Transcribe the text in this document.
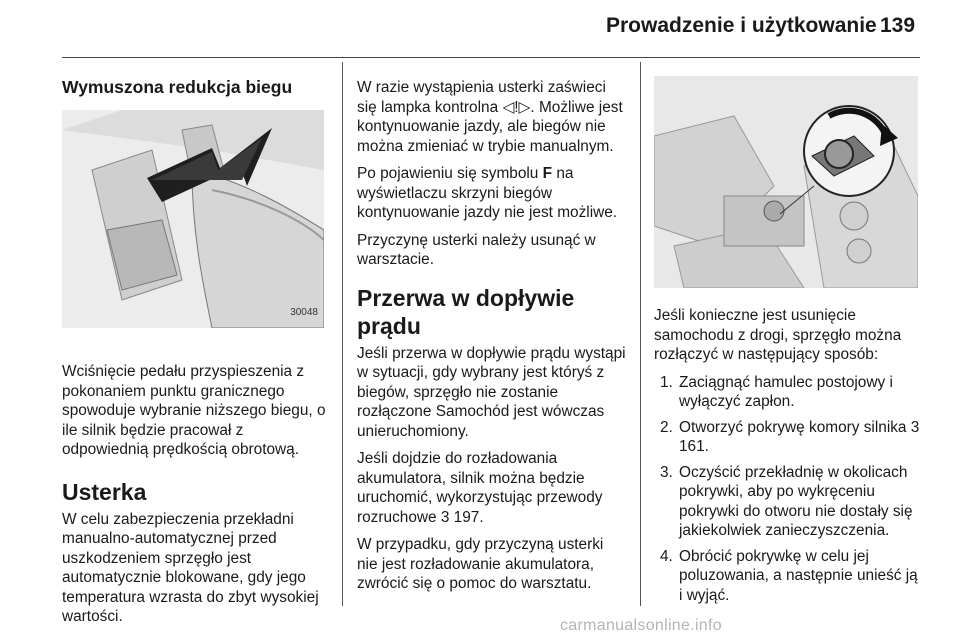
Prowadzenie i użytkowanie 139
Wymuszona redukcja biegu
30048

Wciśnięcie pedału przyspieszenia z pokonaniem punktu granicznego spowoduje wybranie niższego biegu, o ile silnik będzie pracował z odpowiednią prędkością obrotową.

Usterka

W celu zabezpieczenia przekładni manualno-automatycznej przed uszkodzeniem sprzęgło jest automatycznie blokowane, gdy jego temperatura wzrasta do zbyt wysokiej wartości.

W razie wystąpienia usterki zaświeci się lampka kontrolna ◁!▷. Możliwe jest kontynuowanie jazdy, ale biegów nie można zmieniać w trybie manualnym.

Po pojawieniu się symbolu F na wyświetlaczu skrzyni biegów kontynuowanie jazdy nie jest możliwe.

Przyczynę usterki należy usunąć w warsztacie.

Przerwa w dopływie prądu

Jeśli przerwa w dopływie prądu wystąpi w sytuacji, gdy wybrany jest któryś z biegów, sprzęgło nie zostanie rozłączone Samochód jest wówczas unieruchomiony.

Jeśli dojdzie do rozładowania akumulatora, silnik można będzie uruchomić, wykorzystując przewody rozruchowe 3 197.

W przypadku, gdy przyczyną usterki nie jest rozładowanie akumulatora, zwrócić się o pomoc do warsztatu.

Jeśli konieczne jest usunięcie samochodu z drogi, sprzęgło można rozłączyć w następujący sposób:

1. Zaciągnąć hamulec postojowy i wyłączyć zapłon.
2. Otworzyć pokrywę komory silnika 3 161.
3. Oczyścić przekładnię w okolicach pokrywki, aby po wykręceniu pokrywki do otworu nie dostały się jakiekolwiek zanieczyszczenia.
4. Obrócić pokrywkę w celu jej poluzowania, a następnie unieść ją i wyjąć.
carmanualsonline.info
